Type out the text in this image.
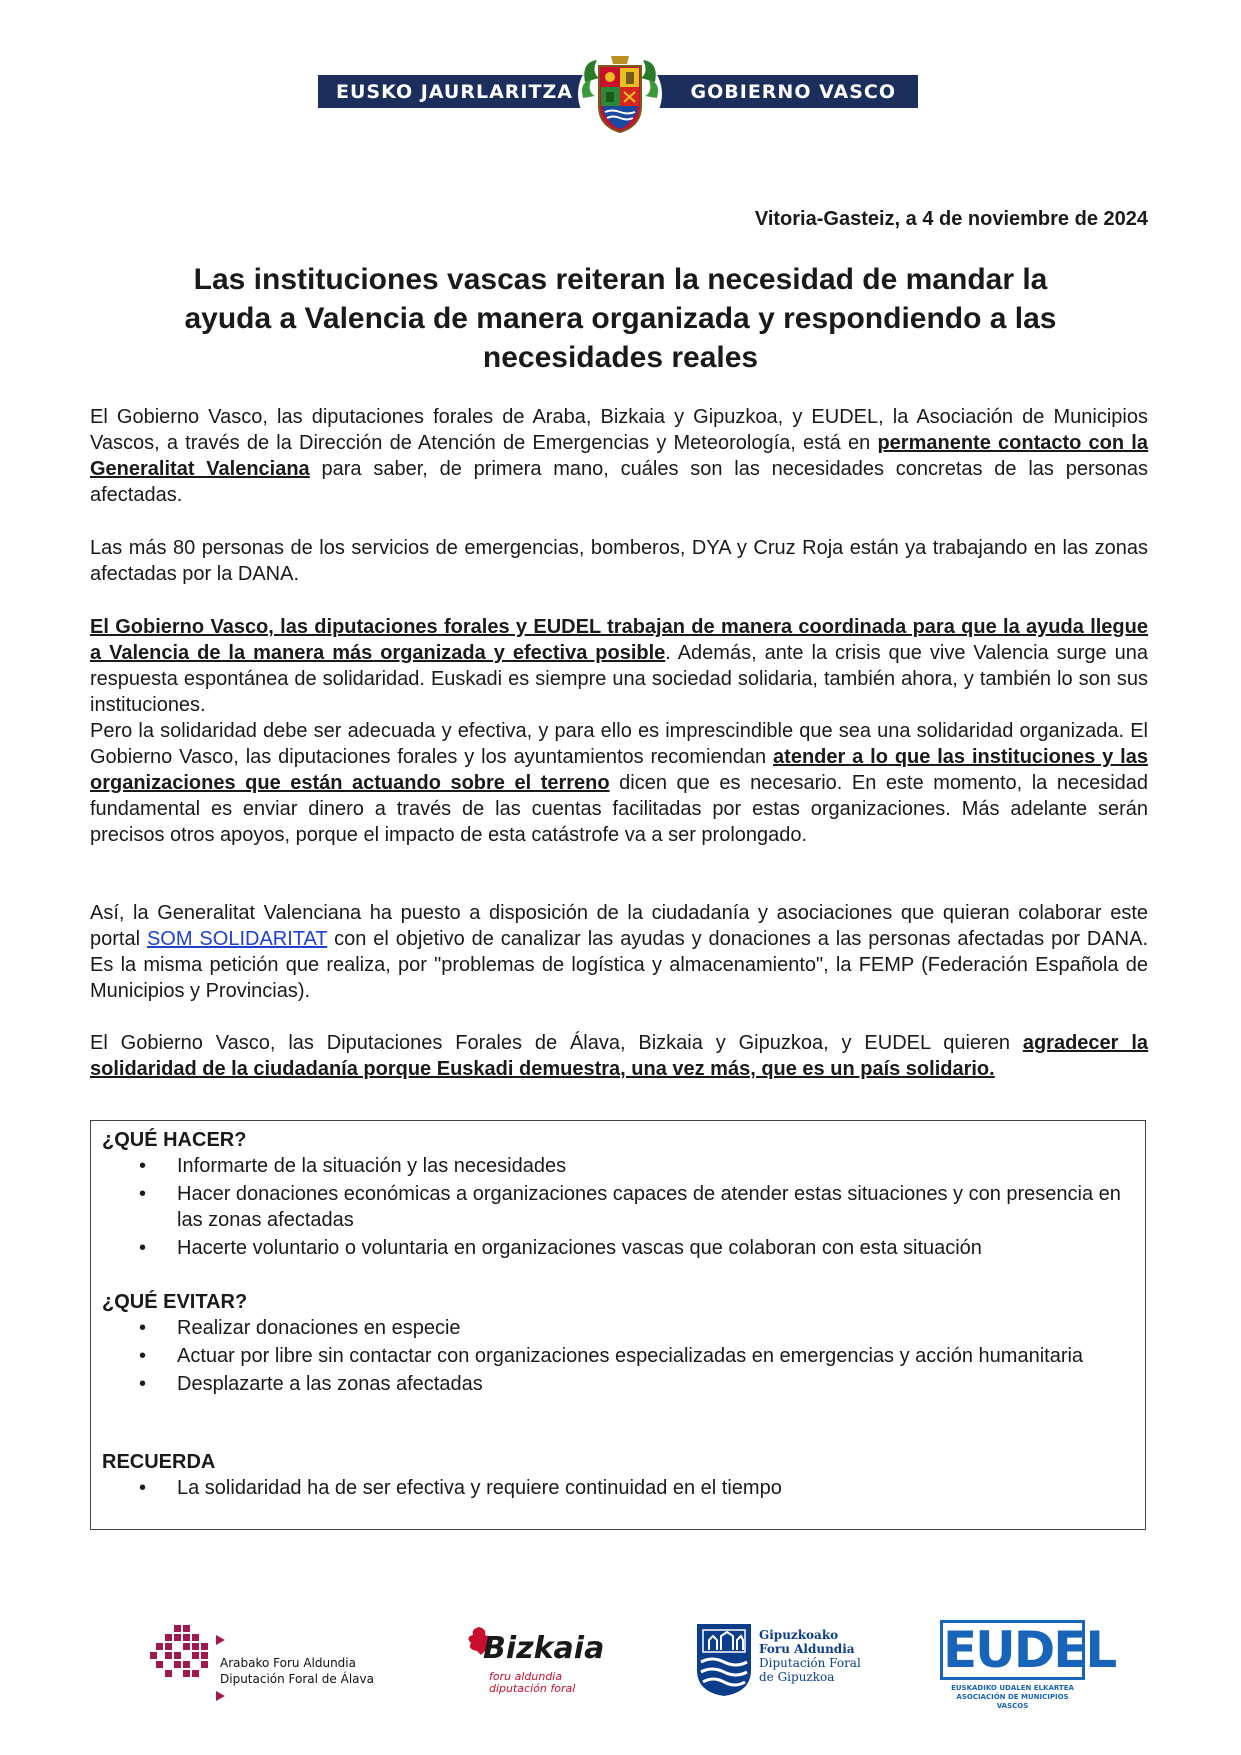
EUSKO JAURLARITZA	GOBIERNO VASCO
Vitoria-Gasteiz, a 4 de noviembre de 2024
Las instituciones vascas reiteran la necesidad de mandar la
ayuda a Valencia de manera organizada y respondiendo a las
necesidades reales
El Gobierno Vasco, las diputaciones forales de Araba, Bizkaia y Gipuzkoa, y EUDEL, la Asociación de Municipios Vascos, a través de la Dirección de Atención de Emergencias y Meteorología, está en permanente contacto con la Generalitat Valenciana para saber, de primera mano, cuáles son las necesidades concretas de las personas afectadas.
Las más 80 personas de los servicios de emergencias, bomberos, DYA y Cruz Roja están ya trabajando en las zonas afectadas por la DANA.
El Gobierno Vasco, las diputaciones forales y EUDEL trabajan de manera coordinada para que la ayuda llegue a Valencia de la manera más organizada y efectiva posible. Además, ante la crisis que vive Valencia surge una respuesta espontánea de solidaridad. Euskadi es siempre una sociedad solidaria, también ahora, y también lo son sus instituciones.
Pero la solidaridad debe ser adecuada y efectiva, y para ello es imprescindible que sea una solidaridad organizada. El Gobierno Vasco, las diputaciones forales y los ayuntamientos recomiendan atender a lo que las instituciones y las organizaciones que están actuando sobre el terreno dicen que es necesario. En este momento, la necesidad fundamental es enviar dinero a través de las cuentas facilitadas por estas organizaciones. Más adelante serán precisos otros apoyos, porque el impacto de esta catástrofe va a ser prolongado.
Así, la Generalitat Valenciana ha puesto a disposición de la ciudadanía y asociaciones que quieran colaborar este portal SOM SOLIDARITAT con el objetivo de canalizar las ayudas y donaciones a las personas afectadas por DANA. Es la misma petición que realiza, por "problemas de logística y almacenamiento", la FEMP (Federación Española de Municipios y Provincias).
El Gobierno Vasco, las Diputaciones Forales de Álava, Bizkaia y Gipuzkoa, y EUDEL quieren agradecer la solidaridad de la ciudadanía porque Euskadi demuestra, una vez más, que es un país solidario.
¿QUÉ HACER?
• Informarte de la situación y las necesidades
• Hacer donaciones económicas a organizaciones capaces de atender estas situaciones y con presencia en las zonas afectadas
• Hacerte voluntario o voluntaria en organizaciones vascas que colaboran con esta situación
¿QUÉ EVITAR?
• Realizar donaciones en especie
• Actuar por libre sin contactar con organizaciones especializadas en emergencias y acción humanitaria
• Desplazarte a las zonas afectadas
RECUERDA
• La solidaridad ha de ser efectiva y requiere continuidad en el tiempo
Arabako Foru Aldundia
Diputación Foral de Álava
Bizkaia
foru aldundia
diputación foral
Gipuzkoako
Foru Aldundia
Diputación Foral
de Gipuzkoa	EUDEL
EUSKADIKO UDALEN ELKARTEA
ASOCIACIÓN DE MUNICIPIOS VASCOS
